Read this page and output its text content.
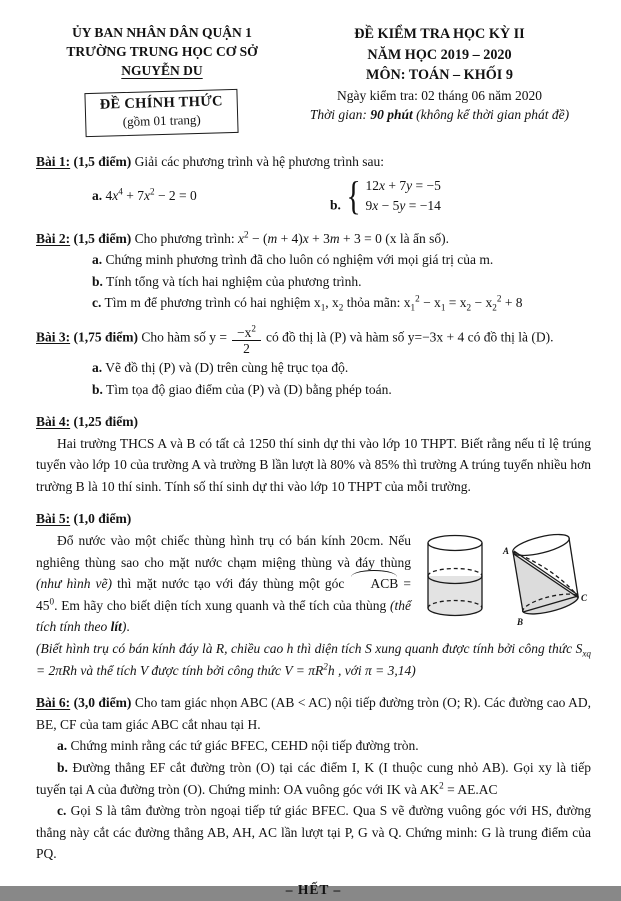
ỦY BAN NHÂN DÂN QUẬN 1
TRƯỜNG TRUNG HỌC CƠ SỞ
NGUYỄN DU
ĐỀ CHÍNH THỨC
(gồm 01 trang)
ĐỀ KIỂM TRA HỌC KỲ II
NĂM HỌC 2019 – 2020
MÔN: TOÁN – KHỐI 9
Ngày kiểm tra: 02 tháng 06 năm 2020
Thời gian: 90 phút (không kể thời gian phát đề)

Bài 1: (1,5 điểm) Giải các phương trình và hệ phương trình sau:

a. $4x^4 + 7x^2 - 2 = 0$
b. { 12x + 7y = −5
9x − 5y = −14

Bài 2: (1,5 điểm) Cho phương trình: $x^2 - (m + 4)x + 3m + 3 = 0$ (x là ẩn số).

a. Chứng minh phương trình đã cho luôn có nghiệm với mọi giá trị của m.

b. Tính tổng và tích hai nghiệm của phương trình.

c. Tìm m để phương trình có hai nghiệm $x_1$, $x_2$ thỏa mãn: $x_1^2 - x_1 = x_2 - x_2^2 + 8$

Bài 3: (1,75 điểm) Cho hàm số $y = \frac{-x^2}{2}$ có đồ thị là (P) và hàm số y=−3x + 4 có đồ thị là (D).

a. Vẽ đồ thị (P) và (D) trên cùng hệ trục tọa độ.

b. Tìm tọa độ giao điểm của (P) và (D) bằng phép toán.

Bài 4: (1,25 điểm)

Hai trường THCS A và B có tất cả 1250 thí sinh dự thi vào lớp 10 THPT. Biết rằng nếu tỉ lệ trúng tuyển vào lớp 10 của trường A và trường B lần lượt là 80% và 85% thì trường A trúng tuyển nhiều hơn trường B là 10 thí sinh. Tính số thí sinh dự thi vào lớp 10 THPT của mỗi trường.

Bài 5: (1,0 điểm)

A
B
C

Đổ nước vào một chiếc thùng hình trụ có bán kính 20cm. Nếu nghiêng thùng sao cho mặt nước chạm miệng thùng và đáy thùng (như hình vẽ) thì mặt nước tạo với đáy thùng một góc ACB = $45^0$. Em hãy cho biết diện tích xung quanh và thể tích của thùng (thể tích tính theo lít).

(Biết hình trụ có bán kính đáy là R, chiều cao h thì diện tích S xung quanh được tính bởi công thức $S_{xq} = 2\pi Rh$ và thể tích V được tính bởi công thức $V = \pi R^2h$ , với π = 3,14)

Bài 6: (3,0 điểm) Cho tam giác nhọn ABC (AB < AC) nội tiếp đường tròn (O; R). Các đường cao AD, BE, CF của tam giác ABC cắt nhau tại H.

a. Chứng minh rằng các tứ giác BFEC, CEHD nội tiếp đường tròn.

b. Đường thẳng EF cắt đường tròn (O) tại các điểm I, K (I thuộc cung nhỏ AB). Gọi xy là tiếp tuyến tại A của đường tròn (O). Chứng minh: OA vuông góc với IK và $AK^2 = AE.AC$

c. Gọi S là tâm đường tròn ngoại tiếp tứ giác BFEC. Qua S vẽ đường vuông góc với HS, đường thẳng này cắt các đường thẳng AB, AH, AC lần lượt tại P, G và Q. Chứng minh: G là trung điểm của PQ.

– HẾT –
